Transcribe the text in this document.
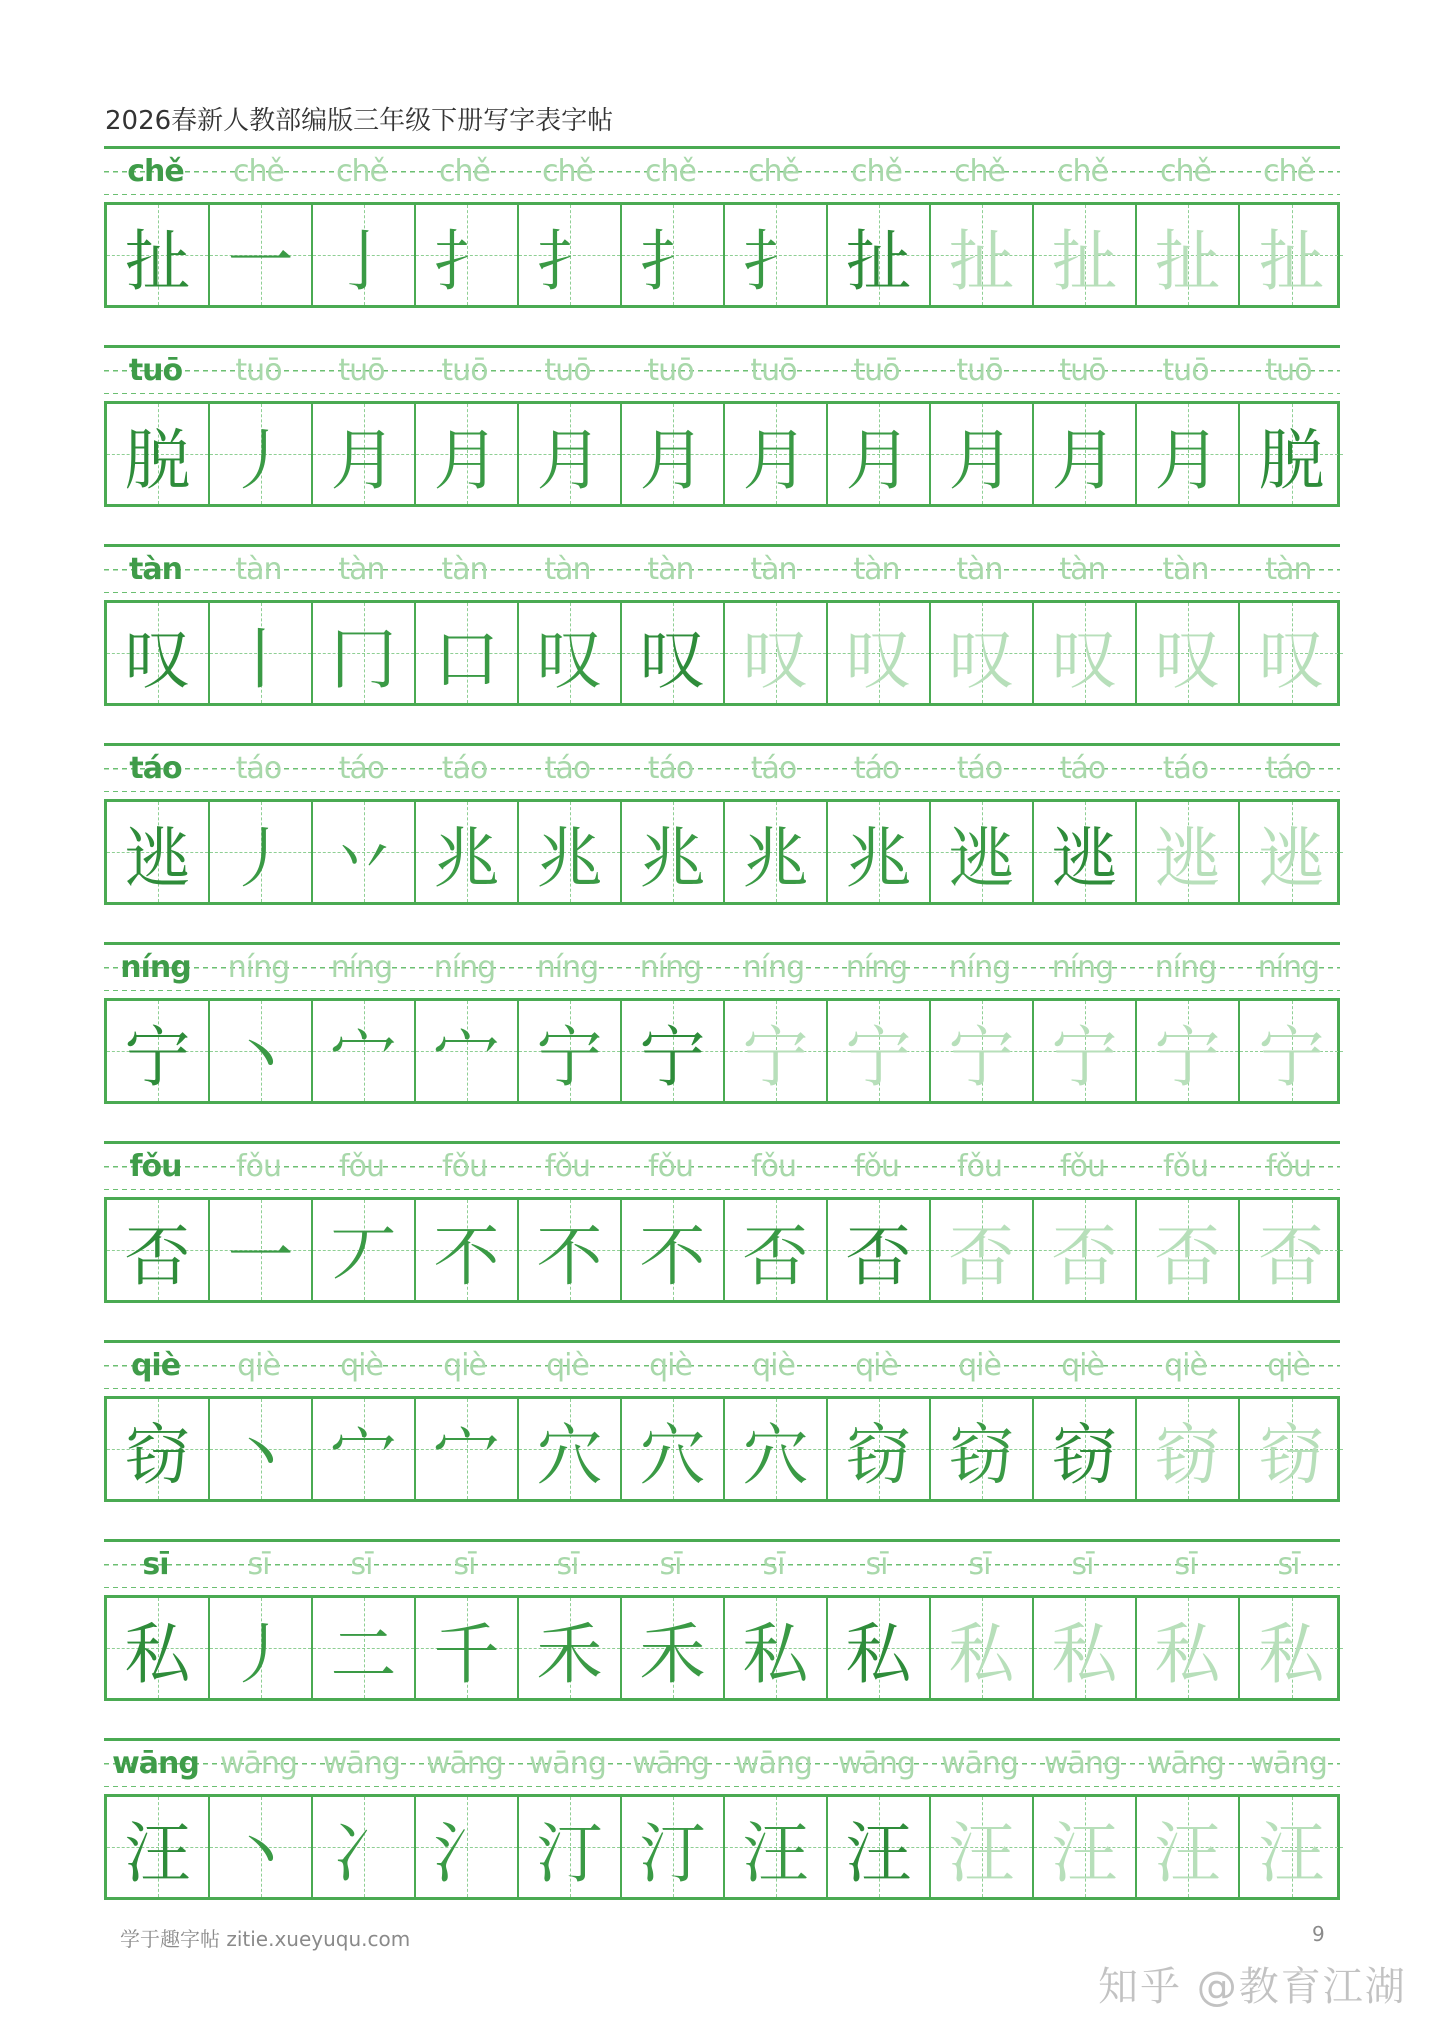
2026春新人教部编版三年级下册写字表字帖
chě	chě	chě	chě	chě	chě	chě	chě	chě	chě	chě	chě
扯 一 亅 扌 扌 扌 扌 扯 扯 扯 扯 扯
tuō	tuō	tuō	tuō	tuō	tuō	tuō	tuō	tuō	tuō	tuō	tuō
脱 丿 月 月 月 月 月 月 月 月 月 脱
tàn	tàn	tàn	tàn	tàn	tàn	tàn	tàn	tàn	tàn	tàn	tàn
叹 丨 冂 口 叹 叹 叹 叹 叹 叹 叹 叹
táo	táo	táo	táo	táo	táo	táo	táo	táo	táo	táo	táo
逃 丿 丷 兆 兆 兆 兆 兆 逃 逃 逃 逃
níng	níng	níng	níng	níng	níng	níng	níng	níng	níng	níng	níng
宁 丶 宀 宀 宁 宁 宁 宁 宁 宁 宁 宁
fǒu	fǒu	fǒu	fǒu	fǒu	fǒu	fǒu	fǒu	fǒu	fǒu	fǒu	fǒu
否 一 丆 不 不 不 否 否 否 否 否 否
qiè	qiè	qiè	qiè	qiè	qiè	qiè	qiè	qiè	qiè	qiè	qiè
窃 丶 宀 宀 穴 穴 穴 窃 窃 窃 窃 窃
sī	sī	sī	sī	sī	sī	sī	sī	sī	sī	sī	sī
私 丿 二 千 禾 禾 私 私 私 私 私 私
wāng wāng wāng wāng wāng wāng wāng wāng wāng wāng wāng wāng
汪 丶 冫 氵 汀 汀 汪 汪 汪 汪 汪 汪
学于趣字帖 zitie.xueyuqu.com	9
知乎 @教育江湖
